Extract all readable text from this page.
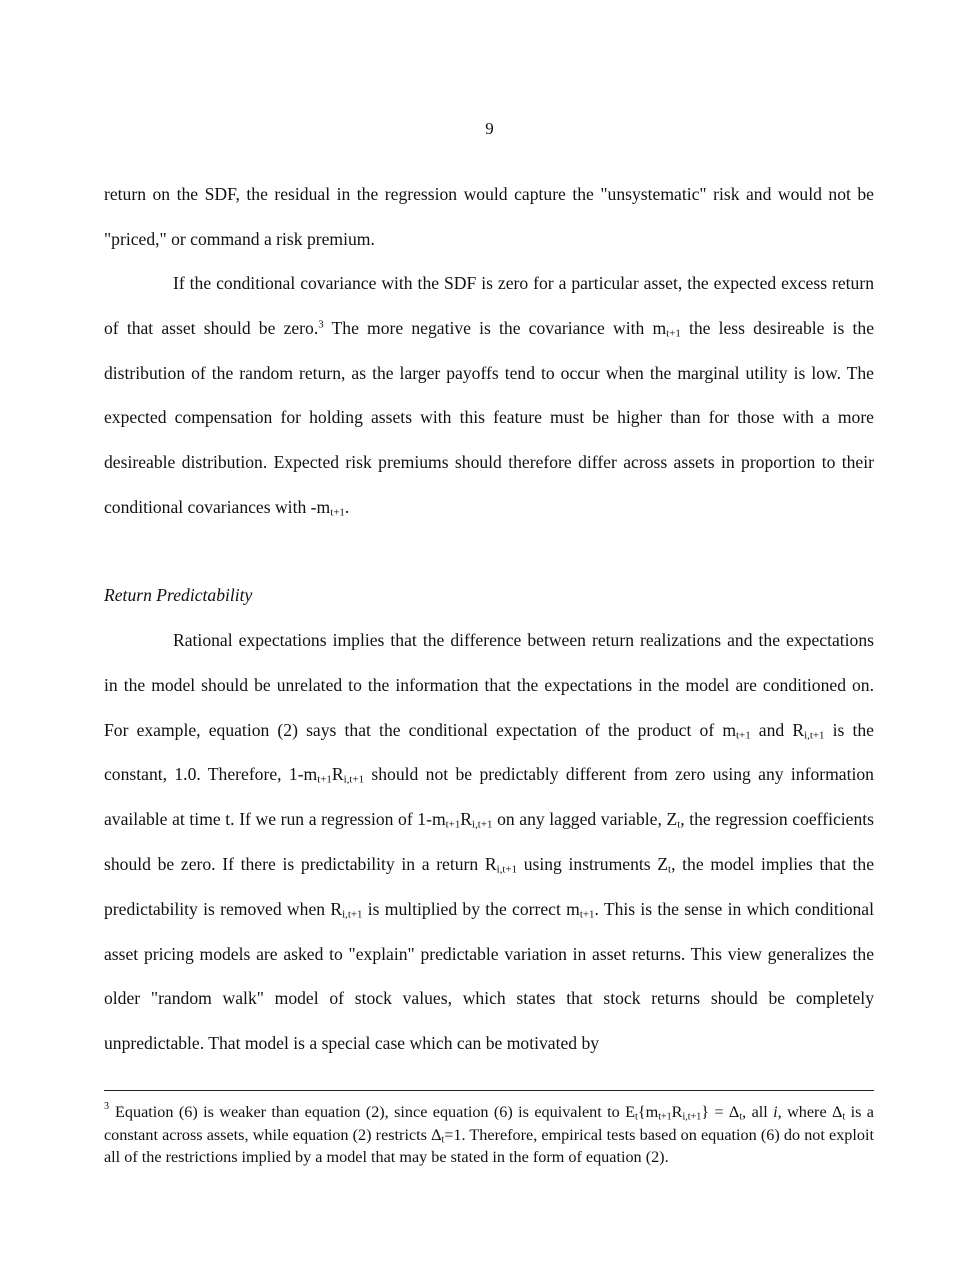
9

return on the SDF, the residual in the regression would capture the "unsystematic" risk and would not be "priced," or command a risk premium.

If the conditional covariance with the SDF is zero for a particular asset, the expected excess return of that asset should be zero.$^3$ The more negative is the covariance with $m_{t+1}$ the less desireable is the distribution of the random return, as the larger payoffs tend to occur when the marginal utility is low. The expected compensation for holding assets with this feature must be higher than for those with a more desireable distribution. Expected risk premiums should therefore differ across assets in proportion to their conditional covariances with $-m_{t+1}$.

Return Predictability

Rational expectations implies that the difference between return realizations and the expectations in the model should be unrelated to the information that the expectations in the model are conditioned on. For example, equation (2) says that the conditional expectation of the product of $m_{t+1}$ and $R_{i,t+1}$ is the constant, 1.0. Therefore, $1-m_{t+1}R_{i,t+1}$ should not be predictably different from zero using any information available at time t. If we run a regression of $1-m_{t+1}R_{i,t+1}$ on any lagged variable, $Z_t$, the regression coefficients should be zero. If there is predictability in a return $R_{i,t+1}$ using instruments $Z_t$, the model implies that the predictability is removed when $R_{i,t+1}$ is multiplied by the correct $m_{t+1}$. This is the sense in which conditional asset pricing models are asked to "explain" predictable variation in asset returns. This view generalizes the older "random walk" model of stock values, which states that stock returns should be completely unpredictable. That model is a special case which can be motivated by

$^3$ Equation (6) is weaker than equation (2), since equation (6) is equivalent to $E_t\{m_{t+1}R_{i,t+1}\} = \Delta_t$, all i, where $\Delta_t$ is a constant across assets, while equation (2) restricts $\Delta_t=1$. Therefore, empirical tests based on equation (6) do not exploit all of the restrictions implied by a model that may be stated in the form of equation (2).
